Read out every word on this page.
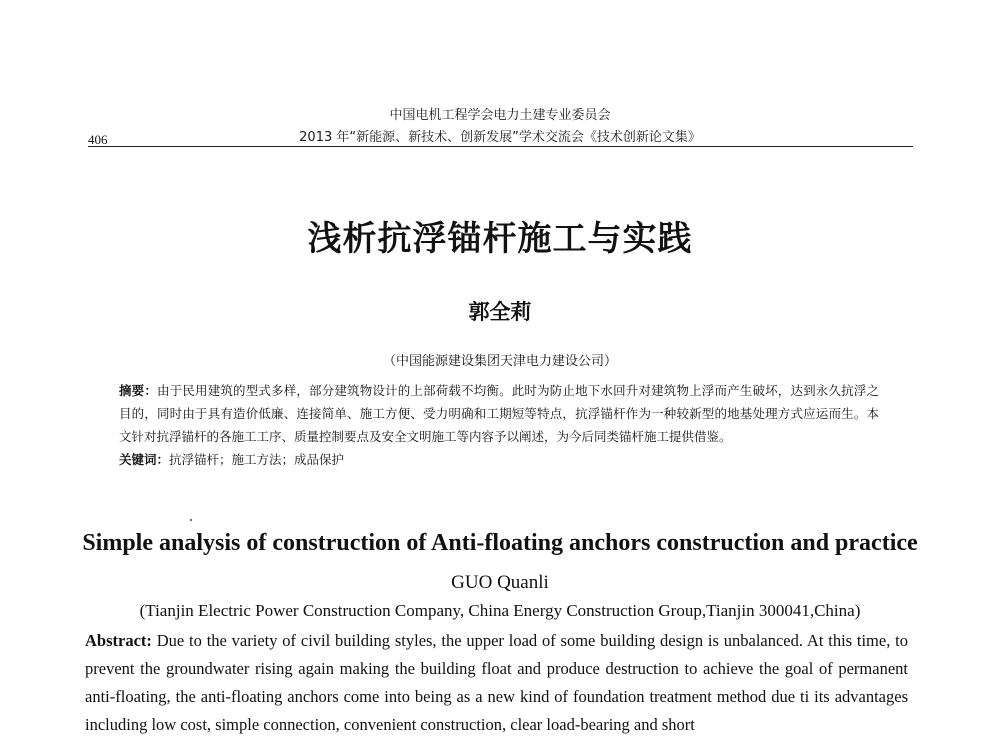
中国电机工程学会电力土建专业委员会
2013 年“新能源、新技术、创新发展”学术交流会《技术创新论文集》
406
浅析抗浮锚杆施工与实践
郭全莉
（中国能源建设集团天津电力建设公司）
摘要：由于民用建筑的型式多样，部分建筑物设计的上部荷载不均衡。此时为防止地下水回升对建筑物上浮而产生破坏，达到永久抗浮之目的，同时由于具有造价低廉、连接简单、施工方便、受力明确和工期短等特点，抗浮锚杆作为一种较新型的地基处理方式应运而生。本文针对抗浮锚杆的各施工工序、质量控制要点及安全文明施工等内容予以阐述，为今后同类锚杆施工提供借鉴。
关键词：抗浮锚杆；施工方法；成品保护
Simple analysis of construction of Anti-floating anchors construction and practice
GUO Quanli
(Tianjin Electric Power Construction Company, China Energy Construction Group,Tianjin 300041,China)
Abstract: Due to the variety of civil building styles, the upper load of some building design is unbalanced. At this time, to prevent the groundwater rising again making the building float and produce destruction to achieve the goal of permanent anti-floating, the anti-floating anchors come into being as a new kind of foundation treatment method due ti its advantages including low cost, simple connection, convenient construction, clear load-bearing and short
